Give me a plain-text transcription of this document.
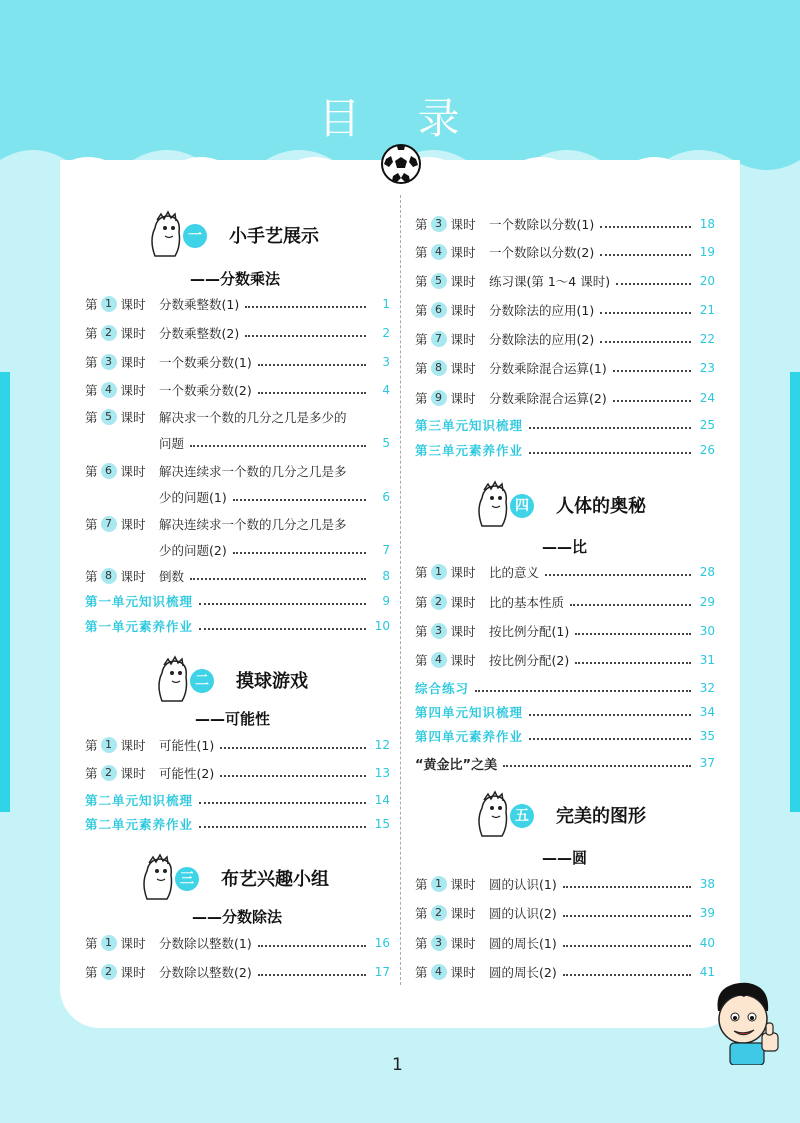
目 录
一 小手艺展示
——分数乘法
第 1 课时 分数乘整数(1)	1
第 2 课时 分数乘整数(2)	2
第 3 课时 一个数乘分数(1)	3
第 4 课时 一个数乘分数(2)	4
第 5 课时 解决求一个数的几分之几是多少的
问题	5
第 6 课时 解决连续求一个数的几分之几是多
少的问题(1)	6
第 7 课时 解决连续求一个数的几分之几是多
少的问题(2)	7
第 8 课时 倒数	8
第一单元知识梳理	9
第一单元素养作业	10
二 摸球游戏
——可能性
第 1 课时 可能性(1)	12
第 2 课时 可能性(2)	13
第二单元知识梳理	14
第二单元素养作业	15
三 布艺兴趣小组
——分数除法
第 1 课时 分数除以整数(1)	16
第 2 课时 分数除以整数(2)	17
第 3 课时 一个数除以分数(1)	18
第 4 课时 一个数除以分数(2)	19
第 5 课时 练习课(第 1～4 课时)	20
第 6 课时 分数除法的应用(1)	21
第 7 课时 分数除法的应用(2)	22
第 8 课时 分数乘除混合运算(1)	23
第 9 课时 分数乘除混合运算(2)	24
第三单元知识梳理	25
第三单元素养作业	26
四 人体的奥秘
——比
第 1 课时 比的意义	28
第 2 课时 比的基本性质	29
第 3 课时 按比例分配(1)	30
第 4 课时 按比例分配(2)	31
综合练习	32
第四单元知识梳理	34
第四单元素养作业	35
“黄金比”之美	37
五 完美的图形
——圆
第 1 课时 圆的认识(1)	38
第 2 课时 圆的认识(2)	39
第 3 课时 圆的周长(1)	40
第 4 课时 圆的周长(2)	41
1
